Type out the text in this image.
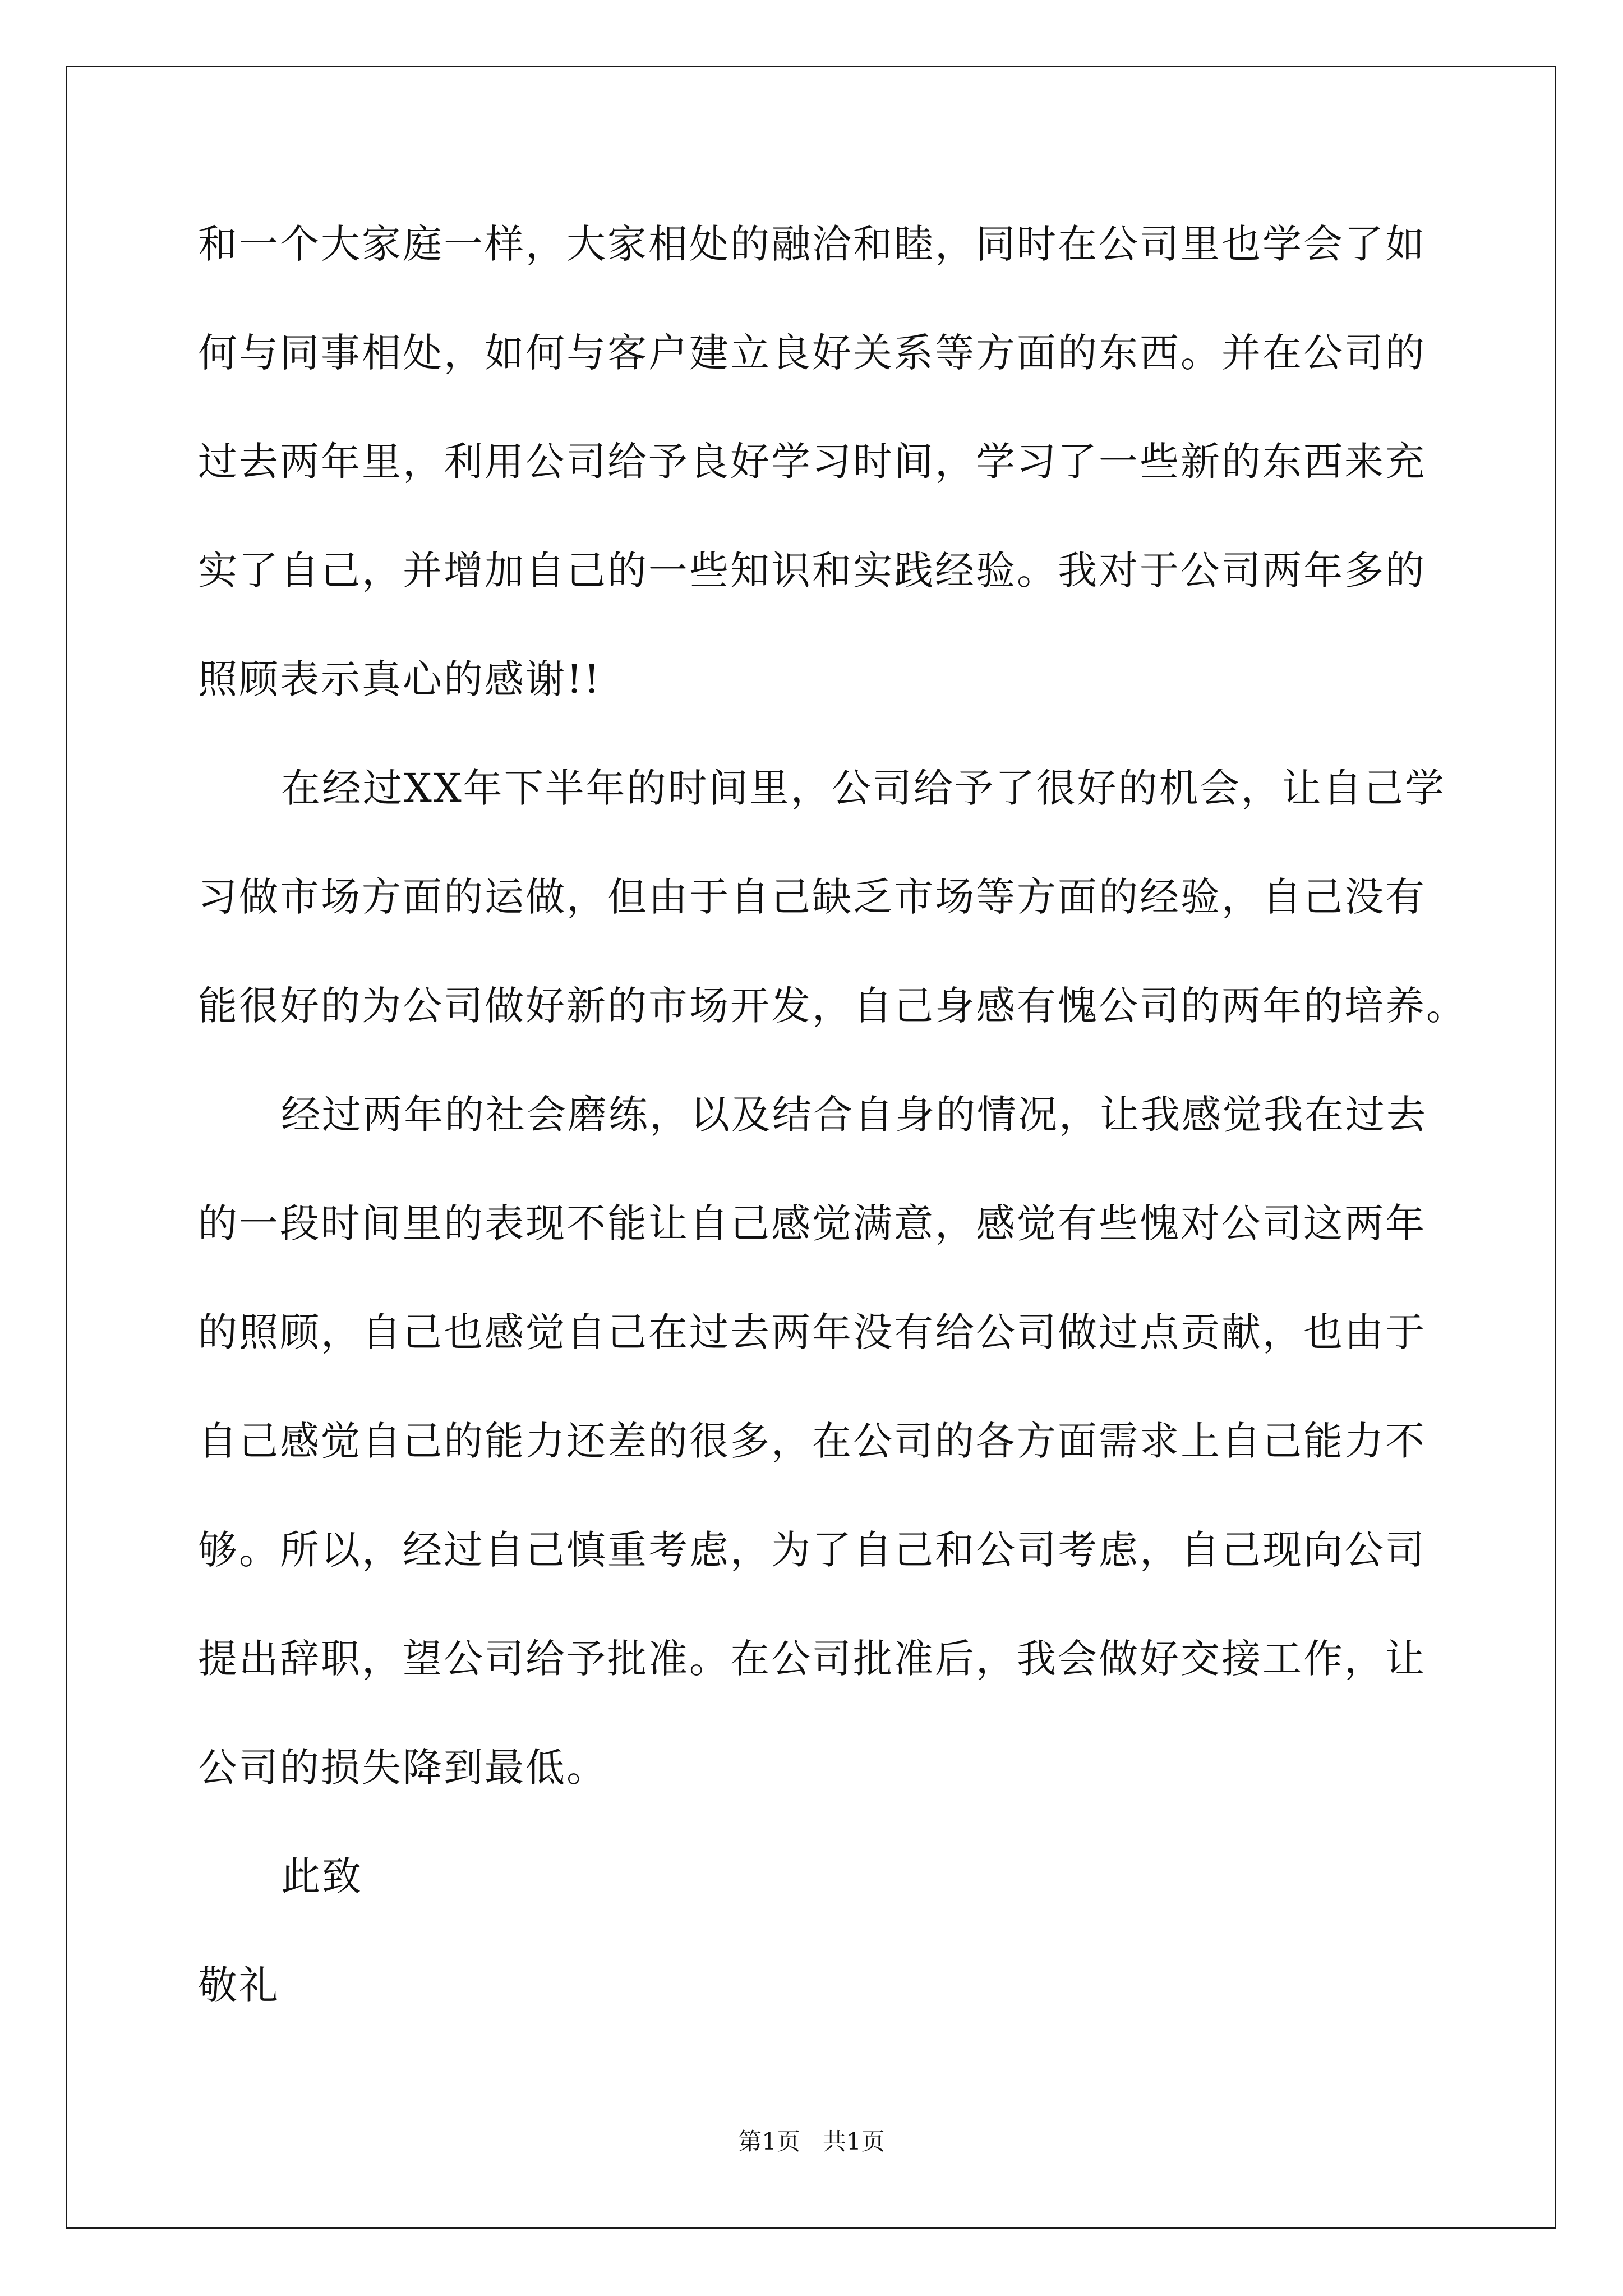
和一个大家庭一样，大家相处的融洽和睦，同时在公司里也学会了如
何与同事相处，如何与客户建立良好关系等方面的东西。并在公司的
过去两年里，利用公司给予良好学习时间，学习了一些新的东西来充
实了自己，并增加自己的一些知识和实践经验。我对于公司两年多的
照顾表示真心的感谢!!
在经过XX年下半年的时间里，公司给予了很好的机会，让自己学
习做市场方面的运做，但由于自己缺乏市场等方面的经验，自己没有
能很好的为公司做好新的市场开发，自己身感有愧公司的两年的培养。
经过两年的社会磨练，以及结合自身的情况，让我感觉我在过去
的一段时间里的表现不能让自己感觉满意，感觉有些愧对公司这两年
的照顾，自己也感觉自己在过去两年没有给公司做过点贡献，也由于
自己感觉自己的能力还差的很多，在公司的各方面需求上自己能力不
够。所以，经过自己慎重考虑，为了自己和公司考虑，自己现向公司
提出辞职，望公司给予批准。在公司批准后，我会做好交接工作，让
公司的损失降到最低。
此致
敬礼
第1页   共1页
